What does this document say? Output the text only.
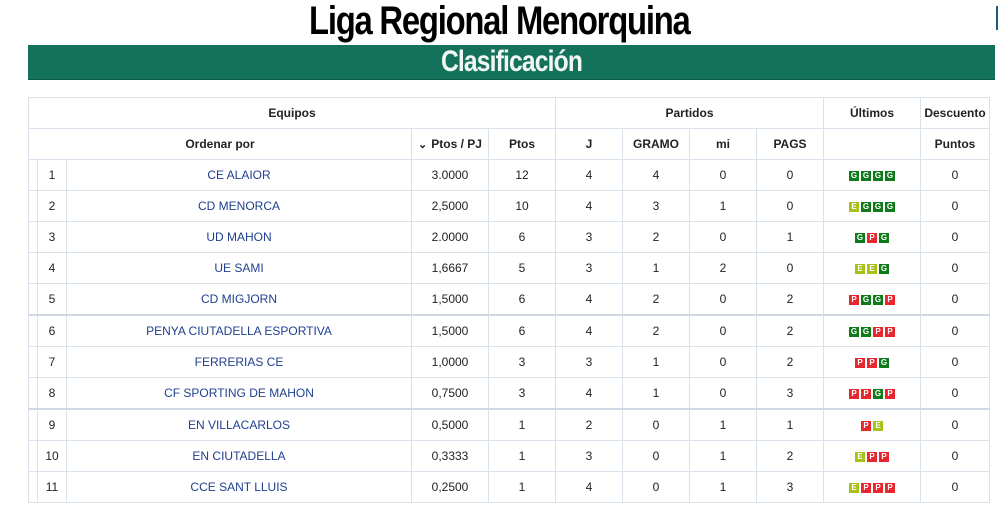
Liga Regional Menorquina
Clasificación
Equipos					Partidos				Últimos	Descuento
Ordenar por			⌄ Ptos / PJ	Ptos	J	GRAMO	mi	PAGS		Puntos
	1	CE ALAIOR	3.0000	12	4	4	0	0	G G G G	0
	2	CD MENORCA	2,5000	10	4	3	1	0	E G G G	0
	3	UD MAHON	2.0000	6	3	2	0	1	G P G	0
	4	UE SAMI	1,6667	5	3	1	2	0	E E G	0
	5	CD MIGJORN	1,5000	6	4	2	0	2	P G G P	0
	6	PENYA CIUTADELLA ESPORTIVA	1,5000	6	4	2	0	2	G G P P	0
	7	FERRERIAS CE	1,0000	3	3	1	0	2	P P G	0
	8	CF SPORTING DE MAHON	0,7500	3	4	1	0	3	P P G P	0
	9	EN VILLACARLOS	0,5000	1	2	0	1	1	P E	0
	10	EN CIUTADELLA	0,3333	1	3	0	1	2	E P P	0
	11	CCE SANT LLUIS	0,2500	1	4	0	1	3	E P P P	0
